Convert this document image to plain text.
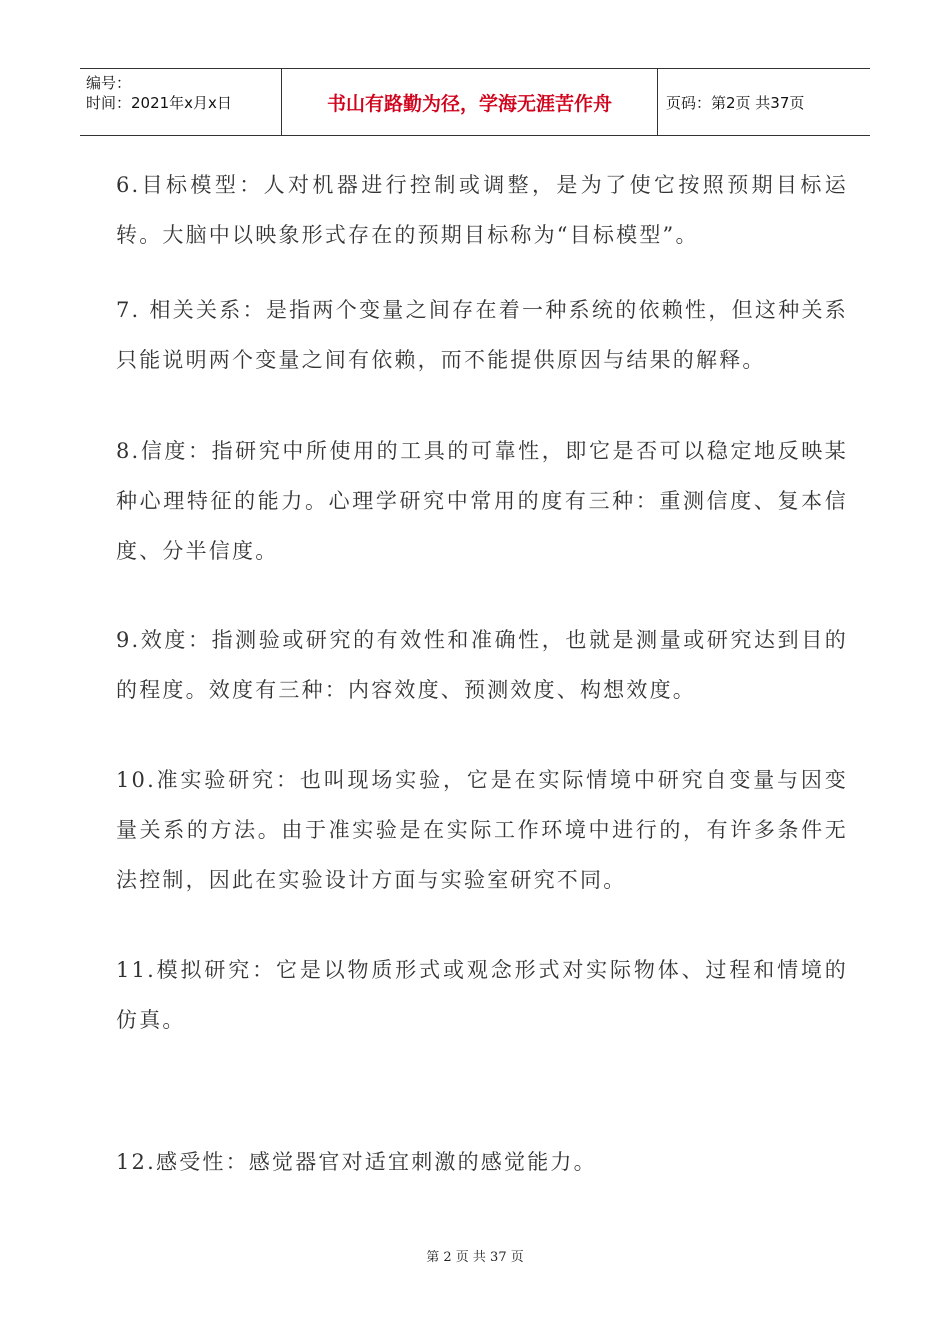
编号：
时间：2021年x月x日	书山有路勤为径，学海无涯苦作舟	页码：第2页 共37页

6.目标模型：人对机器进行控制或调整，是为了使它按照预期目标运转。大脑中以映象形式存在的预期目标称为“目标模型”。

7. 相关关系：是指两个变量之间存在着一种系统的依赖性，但这种关系只能说明两个变量之间有依赖，而不能提供原因与结果的解释。

8.信度：指研究中所使用的工具的可靠性，即它是否可以稳定地反映某种心理特征的能力。心理学研究中常用的度有三种：重测信度、复本信度、分半信度。

9.效度：指测验或研究的有效性和准确性，也就是测量或研究达到目的的程度。效度有三种：内容效度、预测效度、构想效度。

10.准实验研究：也叫现场实验，它是在实际情境中研究自变量与因变量关系的方法。由于准实验是在实际工作环境中进行的，有许多条件无法控制，因此在实验设计方面与实验室研究不同。

11.模拟研究：它是以物质形式或观念形式对实际物体、过程和情境的仿真。

12.感受性：感觉器官对适宜刺激的感觉能力。

第 2 页 共 37 页
